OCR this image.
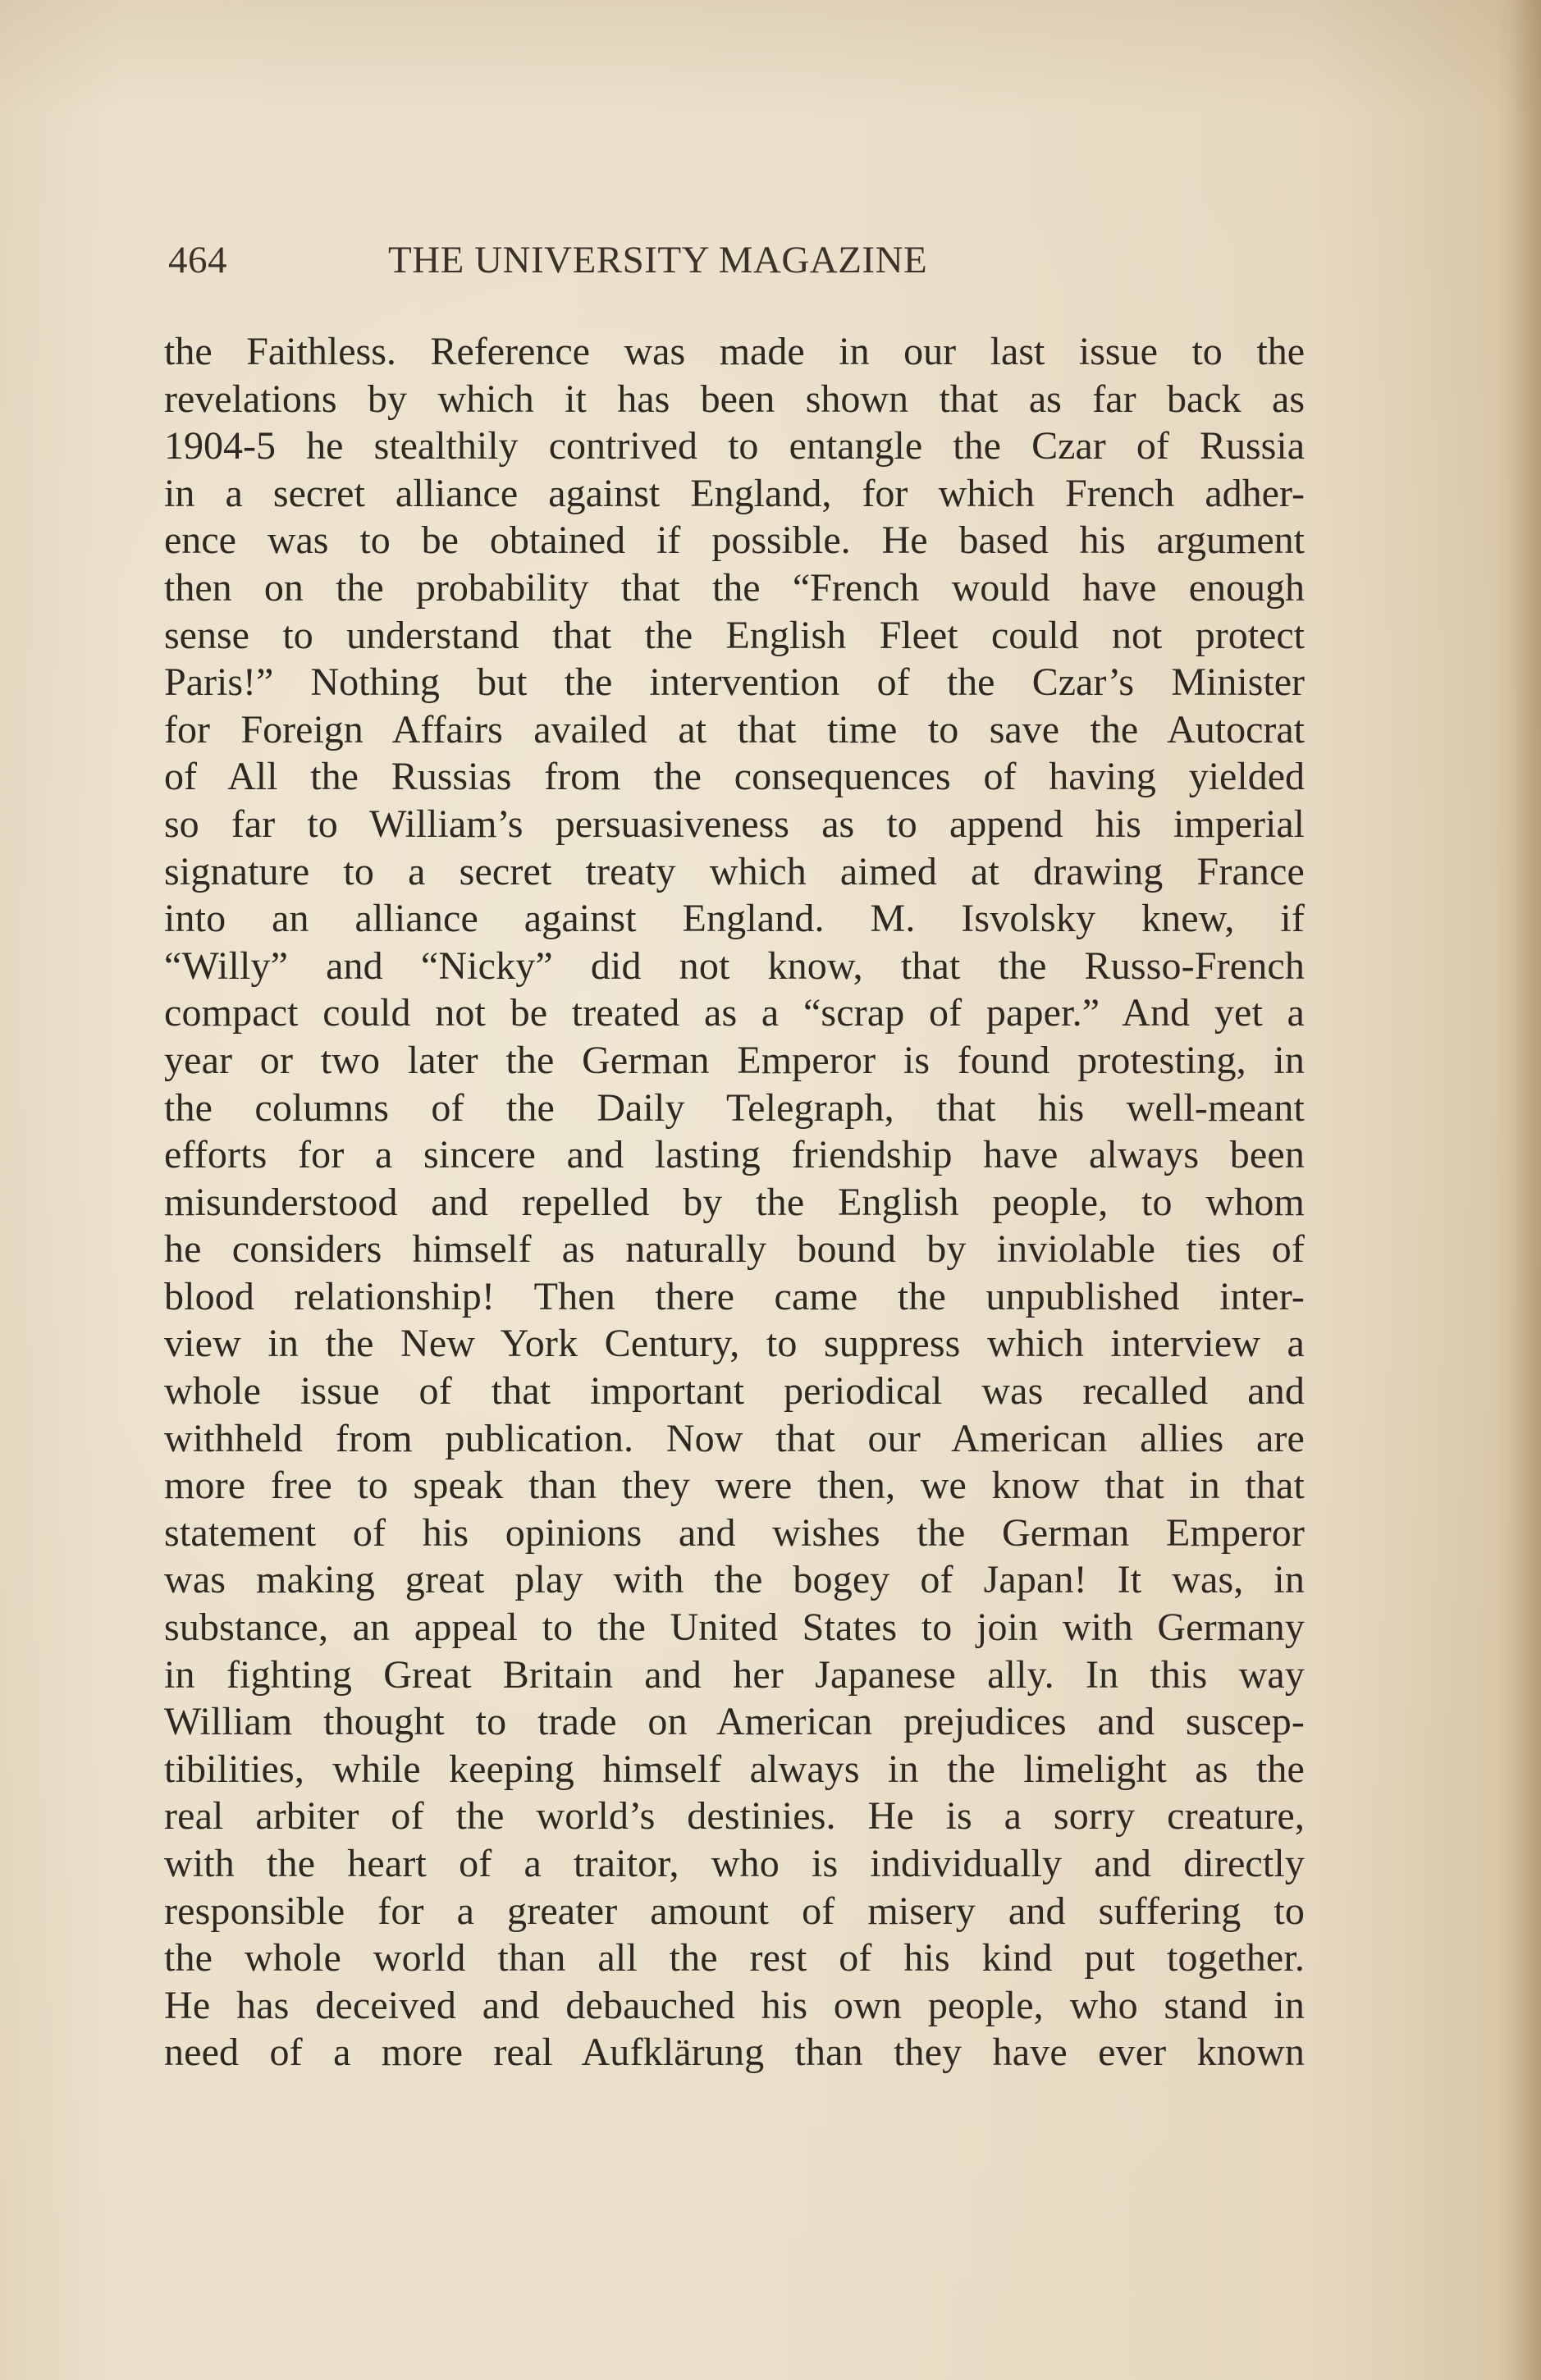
464	THE UNIVERSITY MAGAZINE
the Faithless. Reference was made in our last issue to the
revelations by which it has been shown that as far back as
1904-5 he stealthily contrived to entangle the Czar of Russia
in a secret alliance against England, for which French adher-
ence was to be obtained if possible. He based his argument
then on the probability that the “French would have enough
sense to understand that the English Fleet could not protect
Paris!” Nothing but the intervention of the Czar’s Minister
for Foreign Affairs availed at that time to save the Autocrat
of All the Russias from the consequences of having yielded
so far to William’s persuasiveness as to append his imperial
signature to a secret treaty which aimed at drawing France
into an alliance against England. M. Isvolsky knew, if
“Willy” and “Nicky” did not know, that the Russo-French
compact could not be treated as a “scrap of paper.” And yet a
year or two later the German Emperor is found protesting, in
the columns of the Daily Telegraph, that his well-meant
efforts for a sincere and lasting friendship have always been
misunderstood and repelled by the English people, to whom
he considers himself as naturally bound by inviolable ties of
blood relationship! Then there came the unpublished inter-
view in the New York Century, to suppress which interview a
whole issue of that important periodical was recalled and
withheld from publication. Now that our American allies are
more free to speak than they were then, we know that in that
statement of his opinions and wishes the German Emperor
was making great play with the bogey of Japan! It was, in
substance, an appeal to the United States to join with Germany
in fighting Great Britain and her Japanese ally. In this way
William thought to trade on American prejudices and suscep-
tibilities, while keeping himself always in the limelight as the
real arbiter of the world’s destinies. He is a sorry creature,
with the heart of a traitor, who is individually and directly
responsible for a greater amount of misery and suffering to
the whole world than all the rest of his kind put together.
He has deceived and debauched his own people, who stand in
need of a more real Aufklärung than they have ever known
